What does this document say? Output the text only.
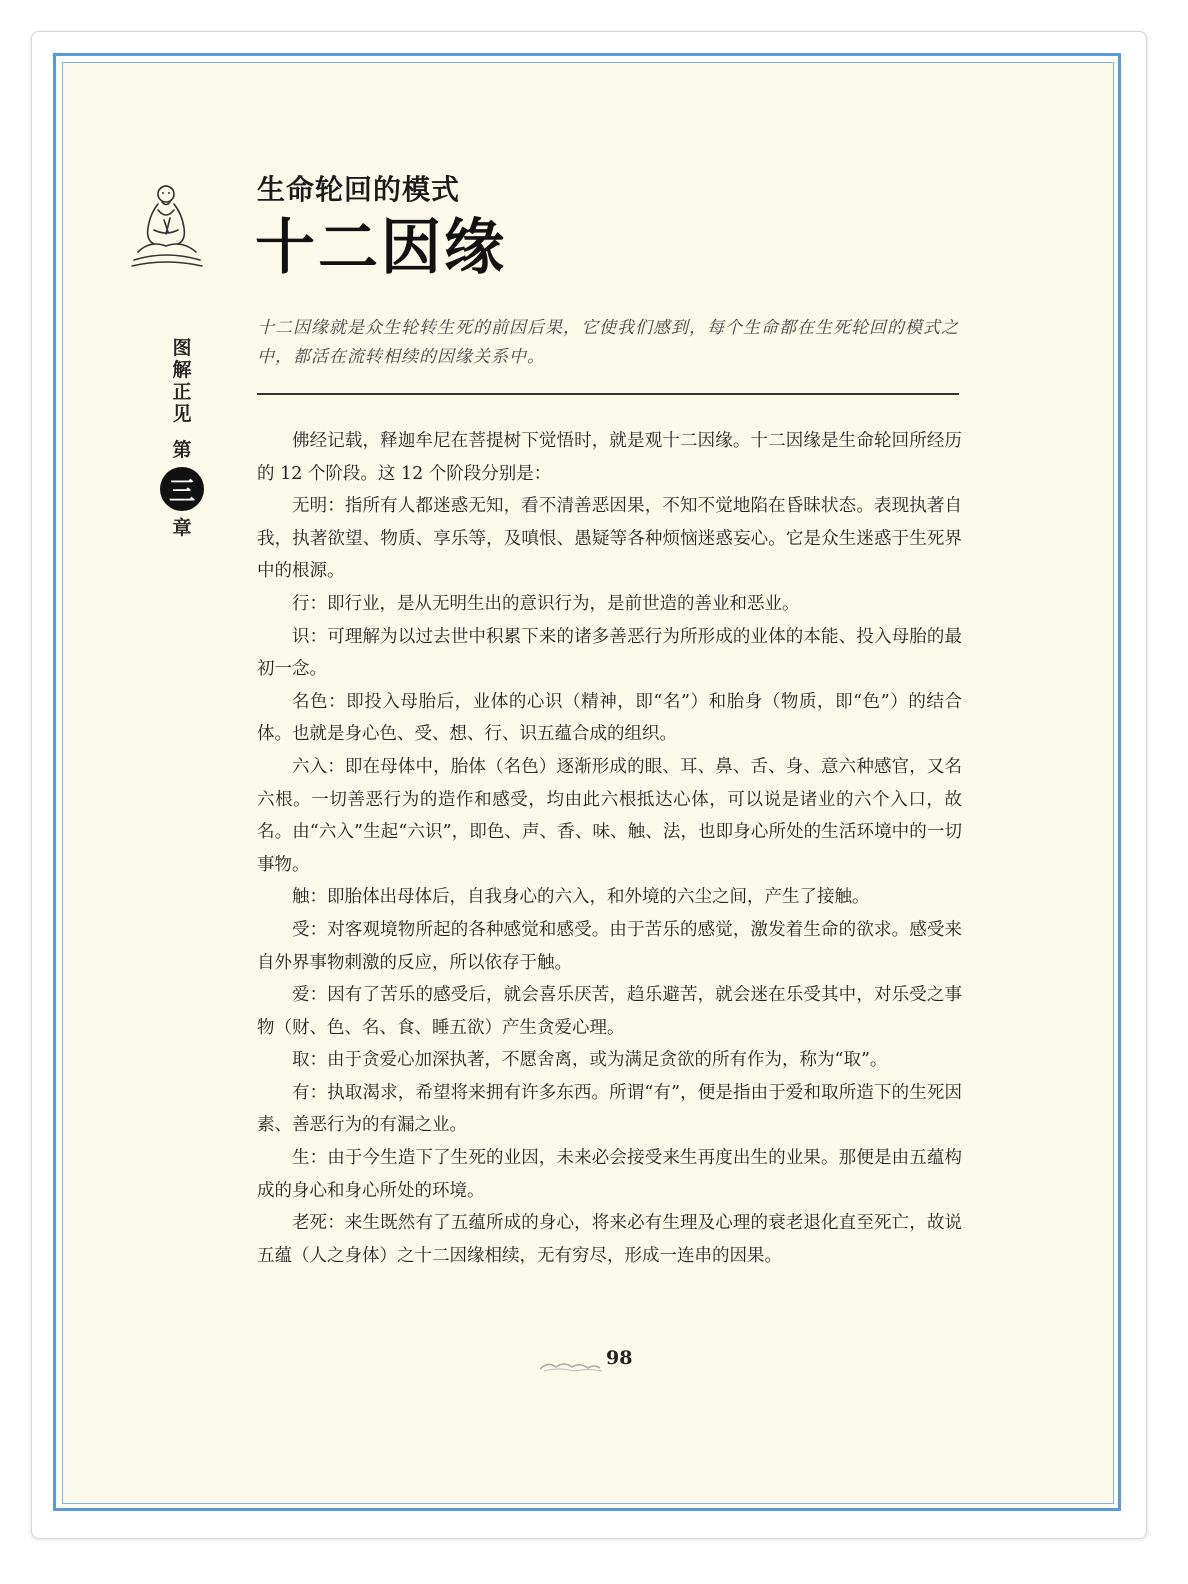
生命轮回的模式
十二因缘
图
解
正
见
第
三
章

十二因缘就是众生轮转生死的前因后果，它使我们感到，每个生命都在生死轮回的模式之中，都活在流转相续的因缘关系中。

佛经记载，释迦牟尼在菩提树下觉悟时，就是观十二因缘。十二因缘是生命轮回所经历的 12 个阶段。这 12 个阶段分别是：

无明：指所有人都迷惑无知，看不清善恶因果，不知不觉地陷在昏昧状态。表现执著自我，执著欲望、物质、享乐等，及嗔恨、愚疑等各种烦恼迷惑妄心。它是众生迷惑于生死界中的根源。

行：即行业，是从无明生出的意识行为，是前世造的善业和恶业。

识：可理解为以过去世中积累下来的诸多善恶行为所形成的业体的本能、投入母胎的最初一念。

名色：即投入母胎后，业体的心识（精神，即“名”）和胎身（物质，即“色”）的结合体。也就是身心色、受、想、行、识五蕴合成的组织。

六入：即在母体中，胎体（名色）逐渐形成的眼、耳、鼻、舌、身、意六种感官，又名六根。一切善恶行为的造作和感受，均由此六根抵达心体，可以说是诸业的六个入口，故名。由“六入”生起“六识”，即色、声、香、味、触、法，也即身心所处的生活环境中的一切事物。

触：即胎体出母体后，自我身心的六入，和外境的六尘之间，产生了接触。

受：对客观境物所起的各种感觉和感受。由于苦乐的感觉，激发着生命的欲求。感受来自外界事物刺激的反应，所以依存于触。

爱：因有了苦乐的感受后，就会喜乐厌苦，趋乐避苦，就会迷在乐受其中，对乐受之事物（财、色、名、食、睡五欲）产生贪爱心理。

取：由于贪爱心加深执著，不愿舍离，或为满足贪欲的所有作为，称为“取”。

有：执取渴求，希望将来拥有许多东西。所谓“有”，便是指由于爱和取所造下的生死因素、善恶行为的有漏之业。

生：由于今生造下了生死的业因，未来必会接受来生再度出生的业果。那便是由五蕴构成的身心和身心所处的环境。

老死：来生既然有了五蕴所成的身心，将来必有生理及心理的衰老退化直至死亡，故说五蕴（人之身体）之十二因缘相续，无有穷尽，形成一连串的因果。

98
